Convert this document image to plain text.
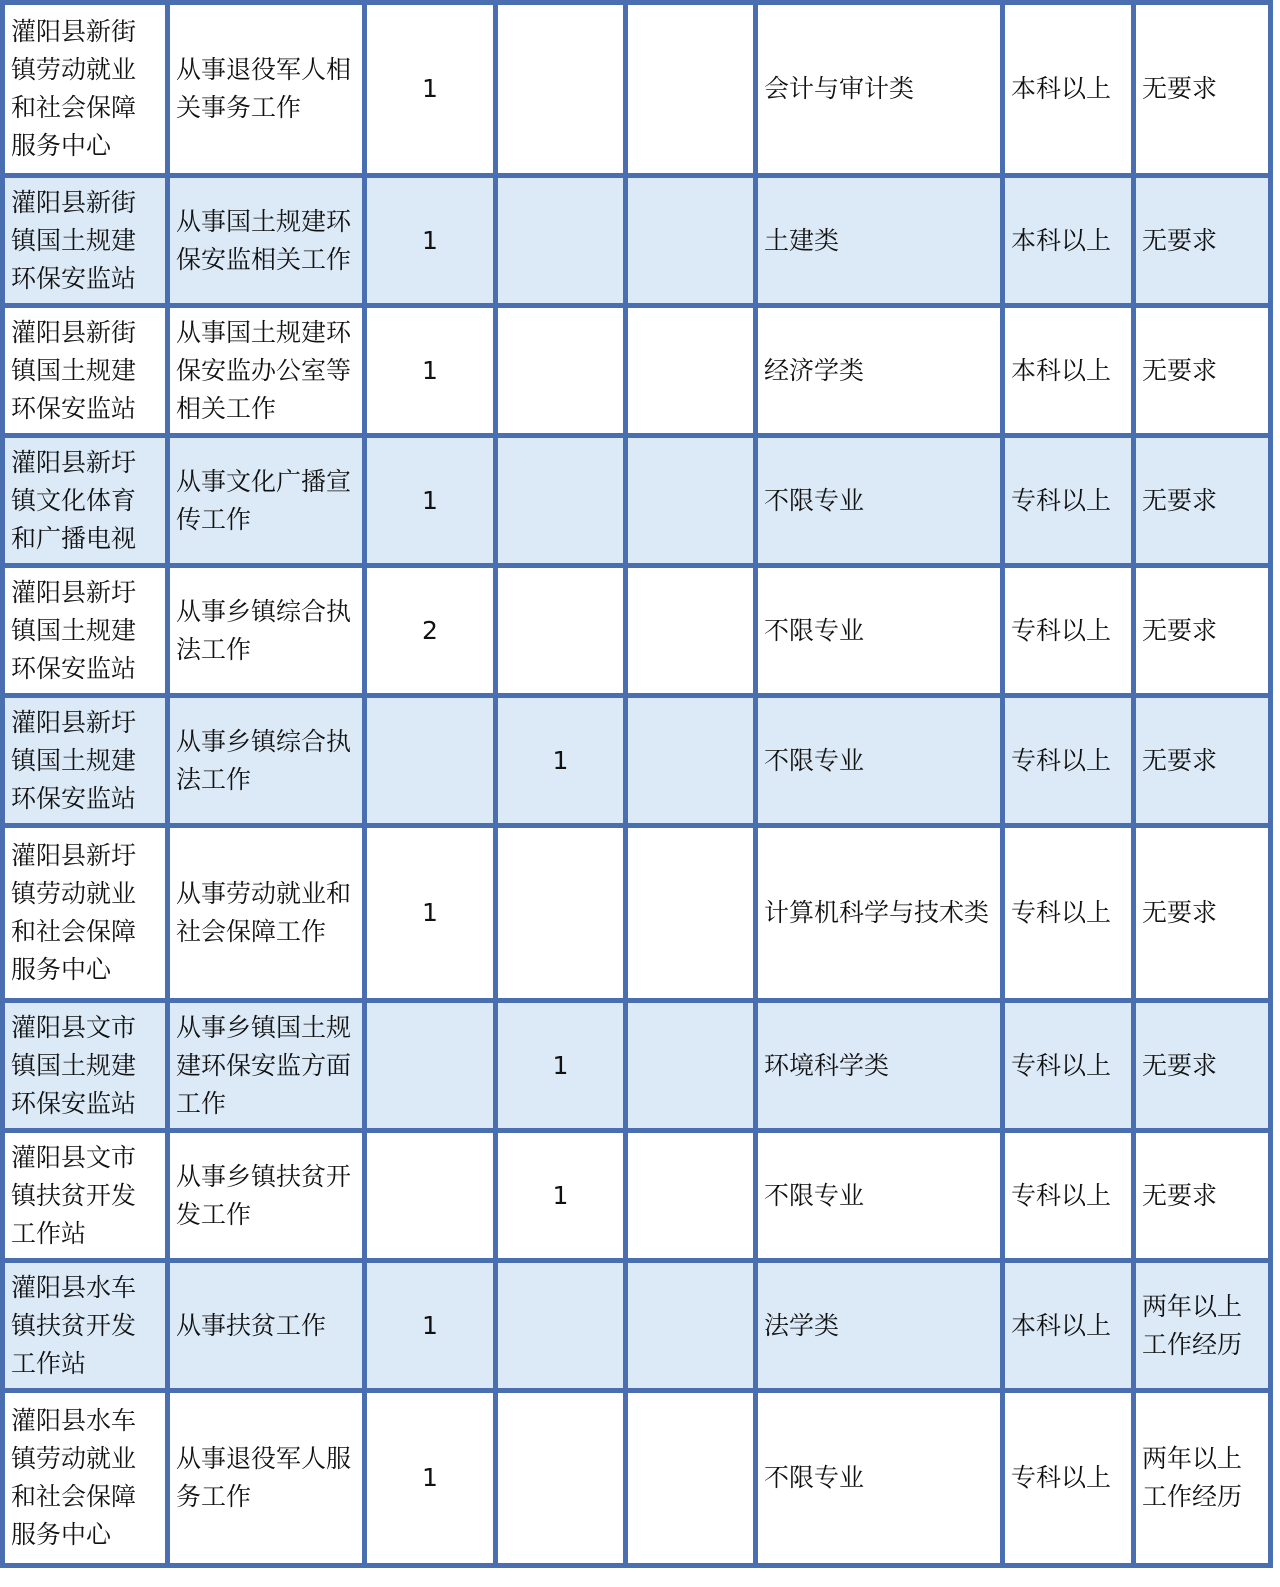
灌阳县新街镇劳动就业和社会保障服务中心	从事退役军人相关事务工作	1			会计与审计类	本科以上	无要求

灌阳县新街镇国土规建环保安监站	从事国土规建环保安监相关工作	1			土建类	本科以上	无要求

灌阳县新街镇国土规建环保安监站	从事国土规建环保安监办公室等相关工作	1			经济学类	本科以上	无要求

灌阳县新圩镇文化体育和广播电视	从事文化广播宣传工作	1			不限专业	专科以上	无要求

灌阳县新圩镇国土规建环保安监站	从事乡镇综合执法工作	2			不限专业	专科以上	无要求

灌阳县新圩镇国土规建环保安监站	从事乡镇综合执法工作		1		不限专业	专科以上	无要求

灌阳县新圩镇劳动就业和社会保障服务中心	从事劳动就业和社会保障工作	1			计算机科学与技术类	专科以上	无要求

灌阳县文市镇国土规建环保安监站	从事乡镇国土规建环保安监方面工作		1		环境科学类	专科以上	无要求

灌阳县文市镇扶贫开发工作站	从事乡镇扶贫开发工作		1		不限专业	专科以上	无要求

灌阳县水车镇扶贫开发工作站	从事扶贫工作	1			法学类	本科以上	两年以上工作经历

灌阳县水车镇劳动就业和社会保障服务中心	从事退役军人服务工作	1			不限专业	专科以上	两年以上工作经历
